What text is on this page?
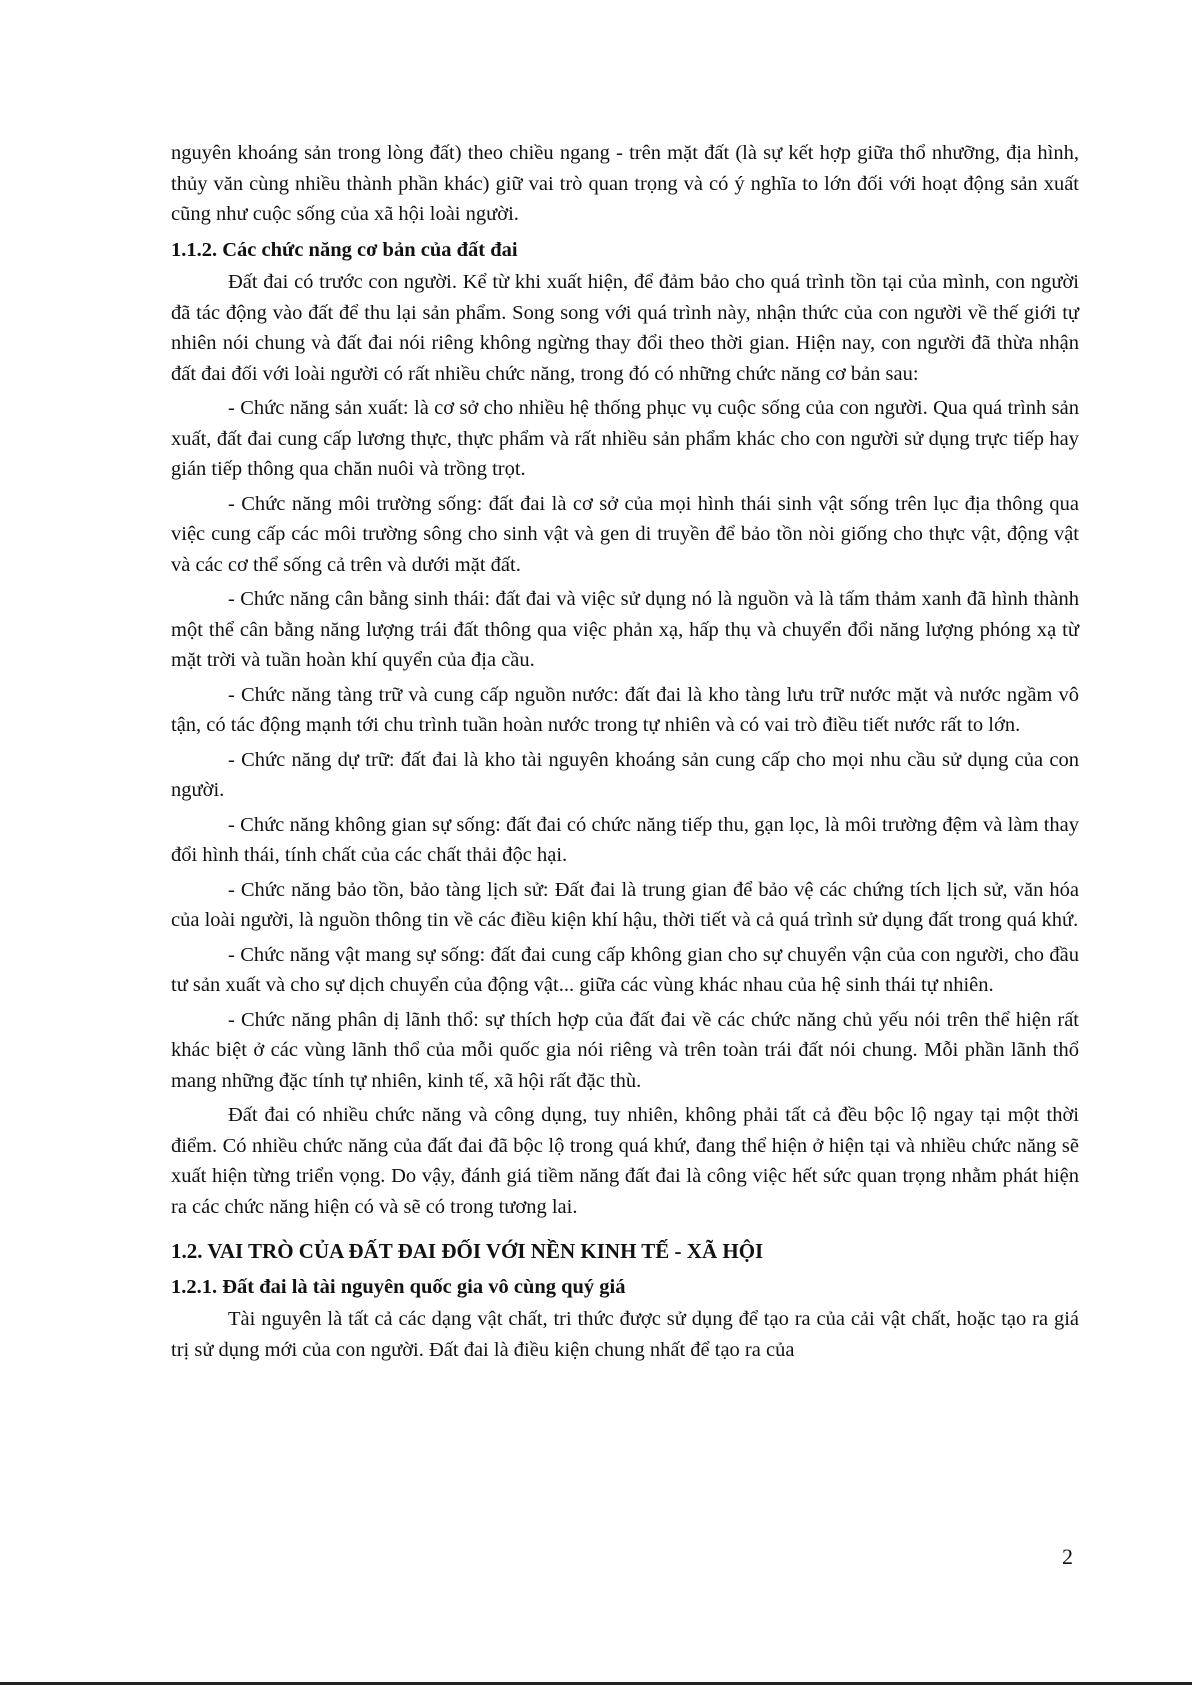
nguyên khoáng sản trong lòng đất) theo chiều ngang - trên mặt đất (là sự kết hợp giữa thổ nhưỡng, địa hình, thủy văn cùng nhiều thành phần khác) giữ vai trò quan trọng và có ý nghĩa to lớn đối với hoạt động sản xuất cũng như cuộc sống của xã hội loài người.

1.1.2. Các chức năng cơ bản của đất đai

Đất đai có trước con người. Kể từ khi xuất hiện, để đảm bảo cho quá trình tồn tại của mình, con người đã tác động vào đất để thu lại sản phẩm. Song song với quá trình này, nhận thức của con người về thế giới tự nhiên nói chung và đất đai nói riêng không ngừng thay đổi theo thời gian. Hiện nay, con người đã thừa nhận đất đai đối với loài người có rất nhiều chức năng, trong đó có những chức năng cơ bản sau:

- Chức năng sản xuất: là cơ sở cho nhiều hệ thống phục vụ cuộc sống của con người. Qua quá trình sản xuất, đất đai cung cấp lương thực, thực phẩm và rất nhiều sản phẩm khác cho con người sử dụng trực tiếp hay gián tiếp thông qua chăn nuôi và trồng trọt.

- Chức năng môi trường sống: đất đai là cơ sở của mọi hình thái sinh vật sống trên lục địa thông qua việc cung cấp các môi trường sông cho sinh vật và gen di truyền để bảo tồn nòi giống cho thực vật, động vật và các cơ thể sống cả trên và dưới mặt đất.

- Chức năng cân bằng sinh thái: đất đai và việc sử dụng nó là nguồn và là tấm thảm xanh đã hình thành một thể cân bằng năng lượng trái đất thông qua việc phản xạ, hấp thụ và chuyển đổi năng lượng phóng xạ từ mặt trời và tuần hoàn khí quyển của địa cầu.

- Chức năng tàng trữ và cung cấp nguồn nước: đất đai là kho tàng lưu trữ nước mặt và nước ngầm vô tận, có tác động mạnh tới chu trình tuần hoàn nước trong tự nhiên và có vai trò điều tiết nước rất to lớn.

- Chức năng dự trữ: đất đai là kho tài nguyên khoáng sản cung cấp cho mọi nhu cầu sử dụng của con người.

- Chức năng không gian sự sống: đất đai có chức năng tiếp thu, gạn lọc, là môi trường đệm và làm thay đổi hình thái, tính chất của các chất thải độc hại.

- Chức năng bảo tồn, bảo tàng lịch sử: Đất đai là trung gian để bảo vệ các chứng tích lịch sử, văn hóa của loài người, là nguồn thông tin về các điều kiện khí hậu, thời tiết và cả quá trình sử dụng đất trong quá khứ.

- Chức năng vật mang sự sống: đất đai cung cấp không gian cho sự chuyển vận của con người, cho đầu tư sản xuất và cho sự dịch chuyển của động vật... giữa các vùng khác nhau của hệ sinh thái tự nhiên.

- Chức năng phân dị lãnh thổ: sự thích hợp của đất đai về các chức năng chủ yếu nói trên thể hiện rất khác biệt ở các vùng lãnh thổ của mỗi quốc gia nói riêng và trên toàn trái đất nói chung. Mỗi phần lãnh thổ mang những đặc tính tự nhiên, kinh tế, xã hội rất đặc thù.

Đất đai có nhiều chức năng và công dụng, tuy nhiên, không phải tất cả đều bộc lộ ngay tại một thời điểm. Có nhiều chức năng của đất đai đã bộc lộ trong quá khứ, đang thể hiện ở hiện tại và nhiều chức năng sẽ xuất hiện từng triển vọng. Do vậy, đánh giá tiềm năng đất đai là công việc hết sức quan trọng nhằm phát hiện ra các chức năng hiện có và sẽ có trong tương lai.

1.2. VAI TRÒ CỦA ĐẤT ĐAI ĐỐI VỚI NỀN KINH TẾ - XÃ HỘI
1.2.1. Đất đai là tài nguyên quốc gia vô cùng quý giá

Tài nguyên là tất cả các dạng vật chất, tri thức được sử dụng để tạo ra của cải vật chất, hoặc tạo ra giá trị sử dụng mới của con người. Đất đai là điều kiện chung nhất để tạo ra của

2
